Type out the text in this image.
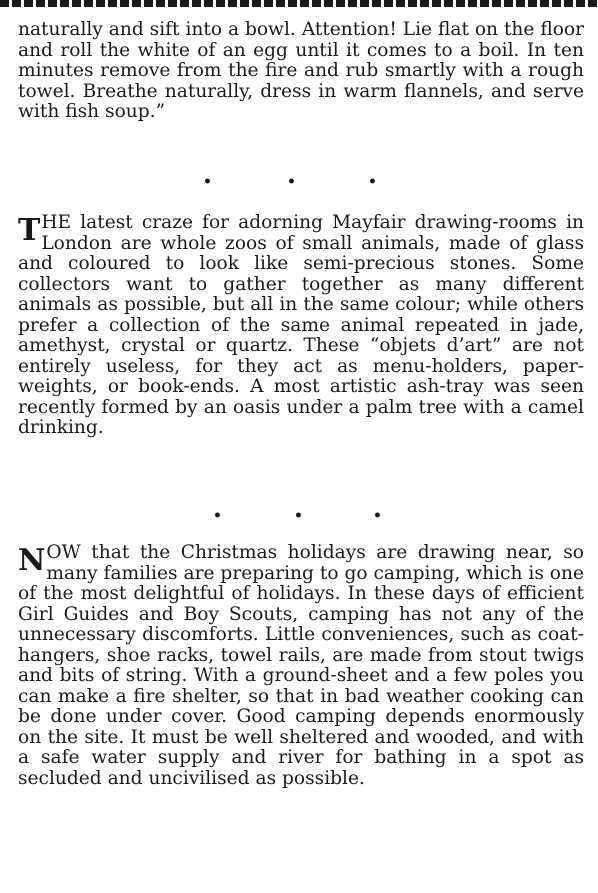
naturally and sift into a bowl. Attention! Lie flat on the floor and roll the white of an egg until it comes to a boil. In ten minutes remove from the fire and rub smartly with a rough towel. Breathe naturally, dress in warm flannels, and serve with fish soup.”

•	•	•

THE latest craze for adorning Mayfair drawing-rooms in London are whole zoos of small animals, made of glass and coloured to look like semi-precious stones. Some collectors want to gather together as many different animals as possible, but all in the same colour; while others prefer a collection of the same animal repeated in jade, amethyst, crystal or quartz. These “objets d’art” are not entirely useless, for they act as menu-holders, paper-weights, or book-ends. A most artistic ash-tray was seen recently formed by an oasis under a palm tree with a camel drinking.

•	•	•

NOW that the Christmas holidays are drawing near, so many families are preparing to go camping, which is one of the most delightful of holidays. In these days of efficient Girl Guides and Boy Scouts, camping has not any of the unnecessary discomforts. Little conveniences, such as coat-hangers, shoe racks, towel rails, are made from stout twigs and bits of string. With a ground-sheet and a few poles you can make a fire shelter, so that in bad weather cooking can be done under cover. Good camping depends enormously on the site. It must be well sheltered and wooded, and with a safe water supply and river for bathing in a spot as secluded and uncivilised as possible.
